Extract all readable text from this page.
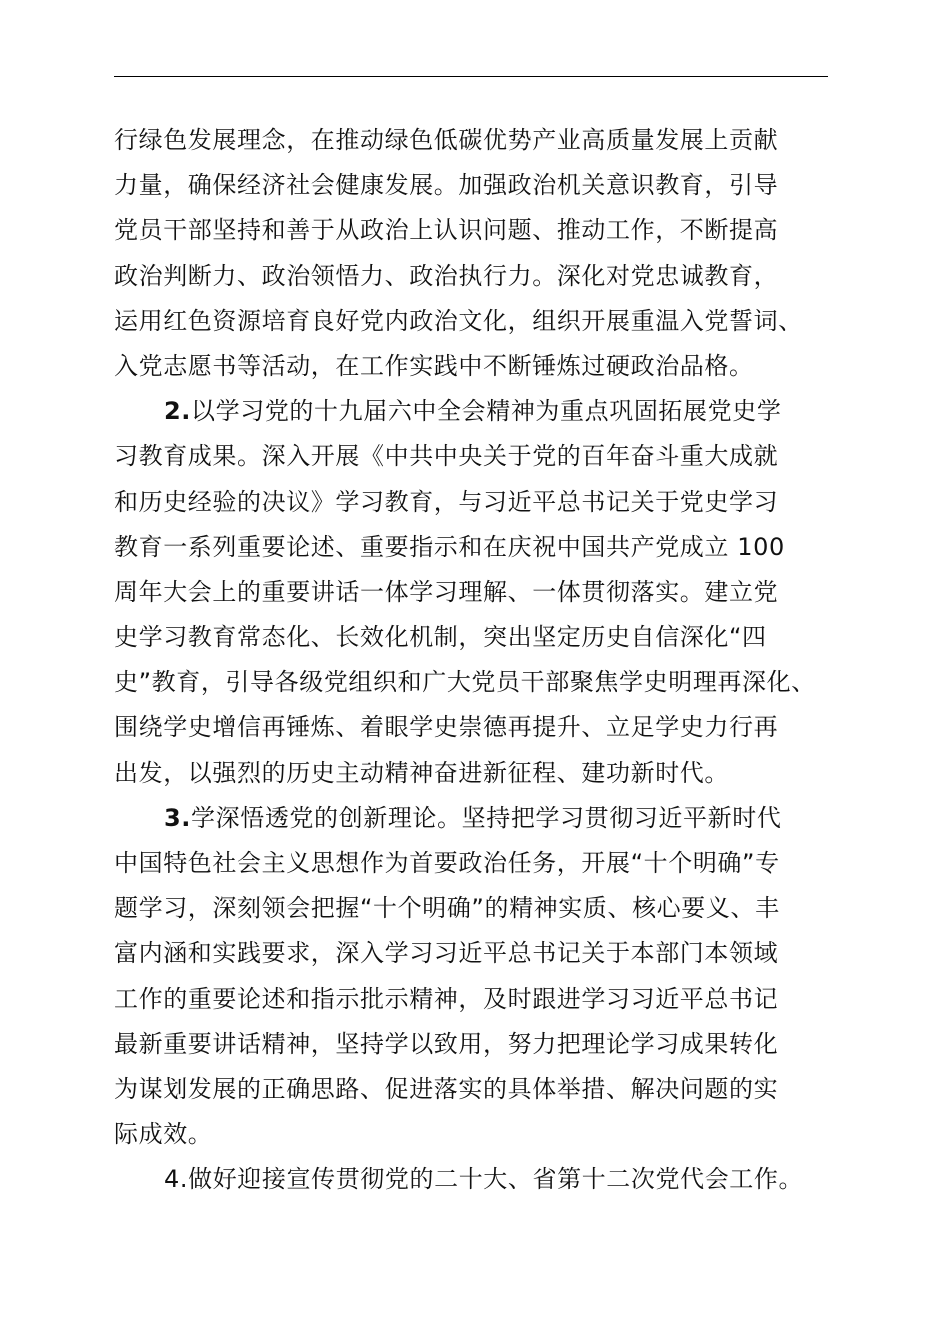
行绿色发展理念，在推动绿色低碳优势产业高质量发展上贡献
力量，确保经济社会健康发展。加强政治机关意识教育，引导
党员干部坚持和善于从政治上认识问题、推动工作，不断提高
政治判断力、政治领悟力、政治执行力。深化对党忠诚教育，
运用红色资源培育良好党内政治文化，组织开展重温入党誓词、
入党志愿书等活动，在工作实践中不断锤炼过硬政治品格。
2.以学习党的十九届六中全会精神为重点巩固拓展党史学
习教育成果。深入开展《中共中央关于党的百年奋斗重大成就
和历史经验的决议》学习教育，与习近平总书记关于党史学习
教育一系列重要论述、重要指示和在庆祝中国共产党成立 100
周年大会上的重要讲话一体学习理解、一体贯彻落实。建立党
史学习教育常态化、长效化机制，突出坚定历史自信深化“四
史”教育，引导各级党组织和广大党员干部聚焦学史明理再深化、
围绕学史增信再锤炼、着眼学史崇德再提升、立足学史力行再
出发，以强烈的历史主动精神奋进新征程、建功新时代。
3.学深悟透党的创新理论。坚持把学习贯彻习近平新时代
中国特色社会主义思想作为首要政治任务，开展“十个明确”专
题学习，深刻领会把握“十个明确”的精神实质、核心要义、丰
富内涵和实践要求，深入学习习近平总书记关于本部门本领域
工作的重要论述和指示批示精神，及时跟进学习习近平总书记
最新重要讲话精神，坚持学以致用，努力把理论学习成果转化
为谋划发展的正确思路、促进落实的具体举措、解决问题的实
际成效。
4.做好迎接宣传贯彻党的二十大、省第十二次党代会工作。
